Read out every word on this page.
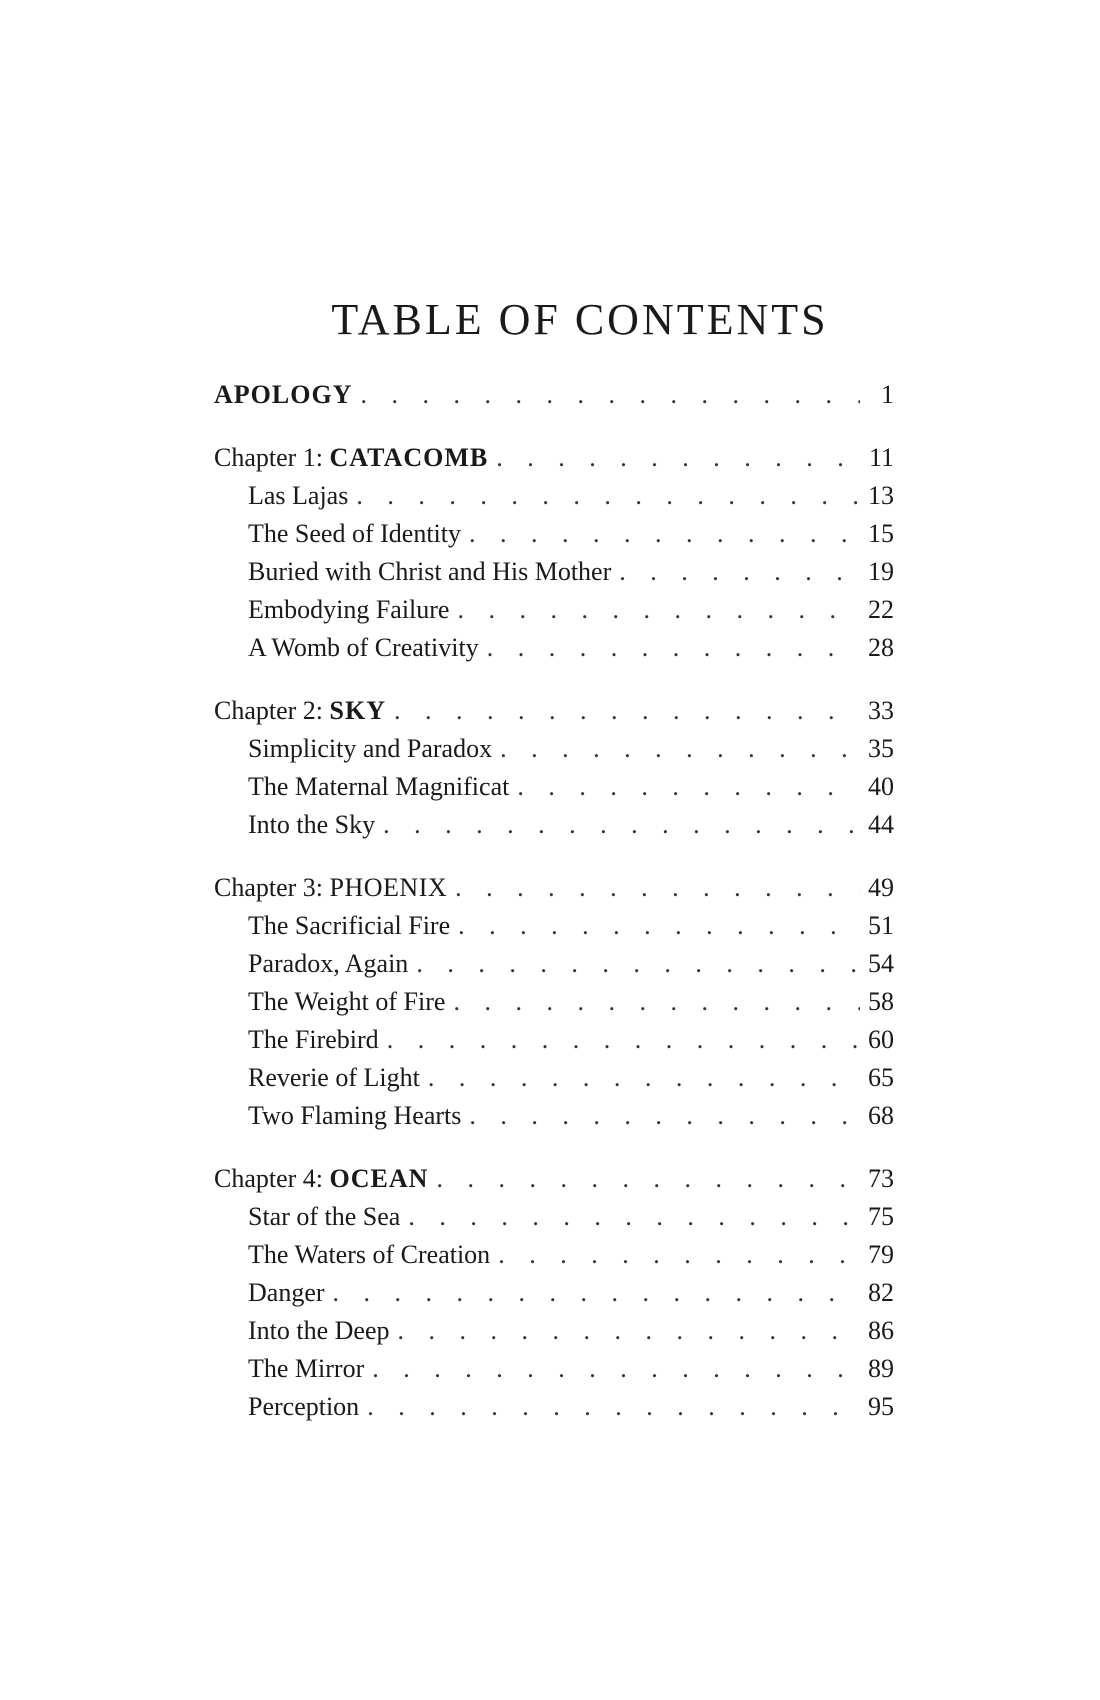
TABLE OF CONTENTS
APOLOGY . . .	1
Chapter 1: CATACOMB . . .	11
Las Lajas . . .	13
The Seed of Identity . . .	15
Buried with Christ and His Mother . . .	19
Embodying Failure . . .	22
A Womb of Creativity . . .	28
Chapter 2: SKY . . .	33
Simplicity and Paradox . . .	35
The Maternal Magnificat . . .	40
Into the Sky . . .	44
Chapter 3: PHOENIX . . .	49
The Sacrificial Fire . . .	51
Paradox, Again . . .	54
The Weight of Fire . . .	58
The Firebird . . .	60
Reverie of Light . . .	65
Two Flaming Hearts . . .	68
Chapter 4: OCEAN . . .	73
Star of the Sea . . .	75
The Waters of Creation . . .	79
Danger . . .	82
Into the Deep . . .	86
The Mirror . . .	89
Perception . . .	95
